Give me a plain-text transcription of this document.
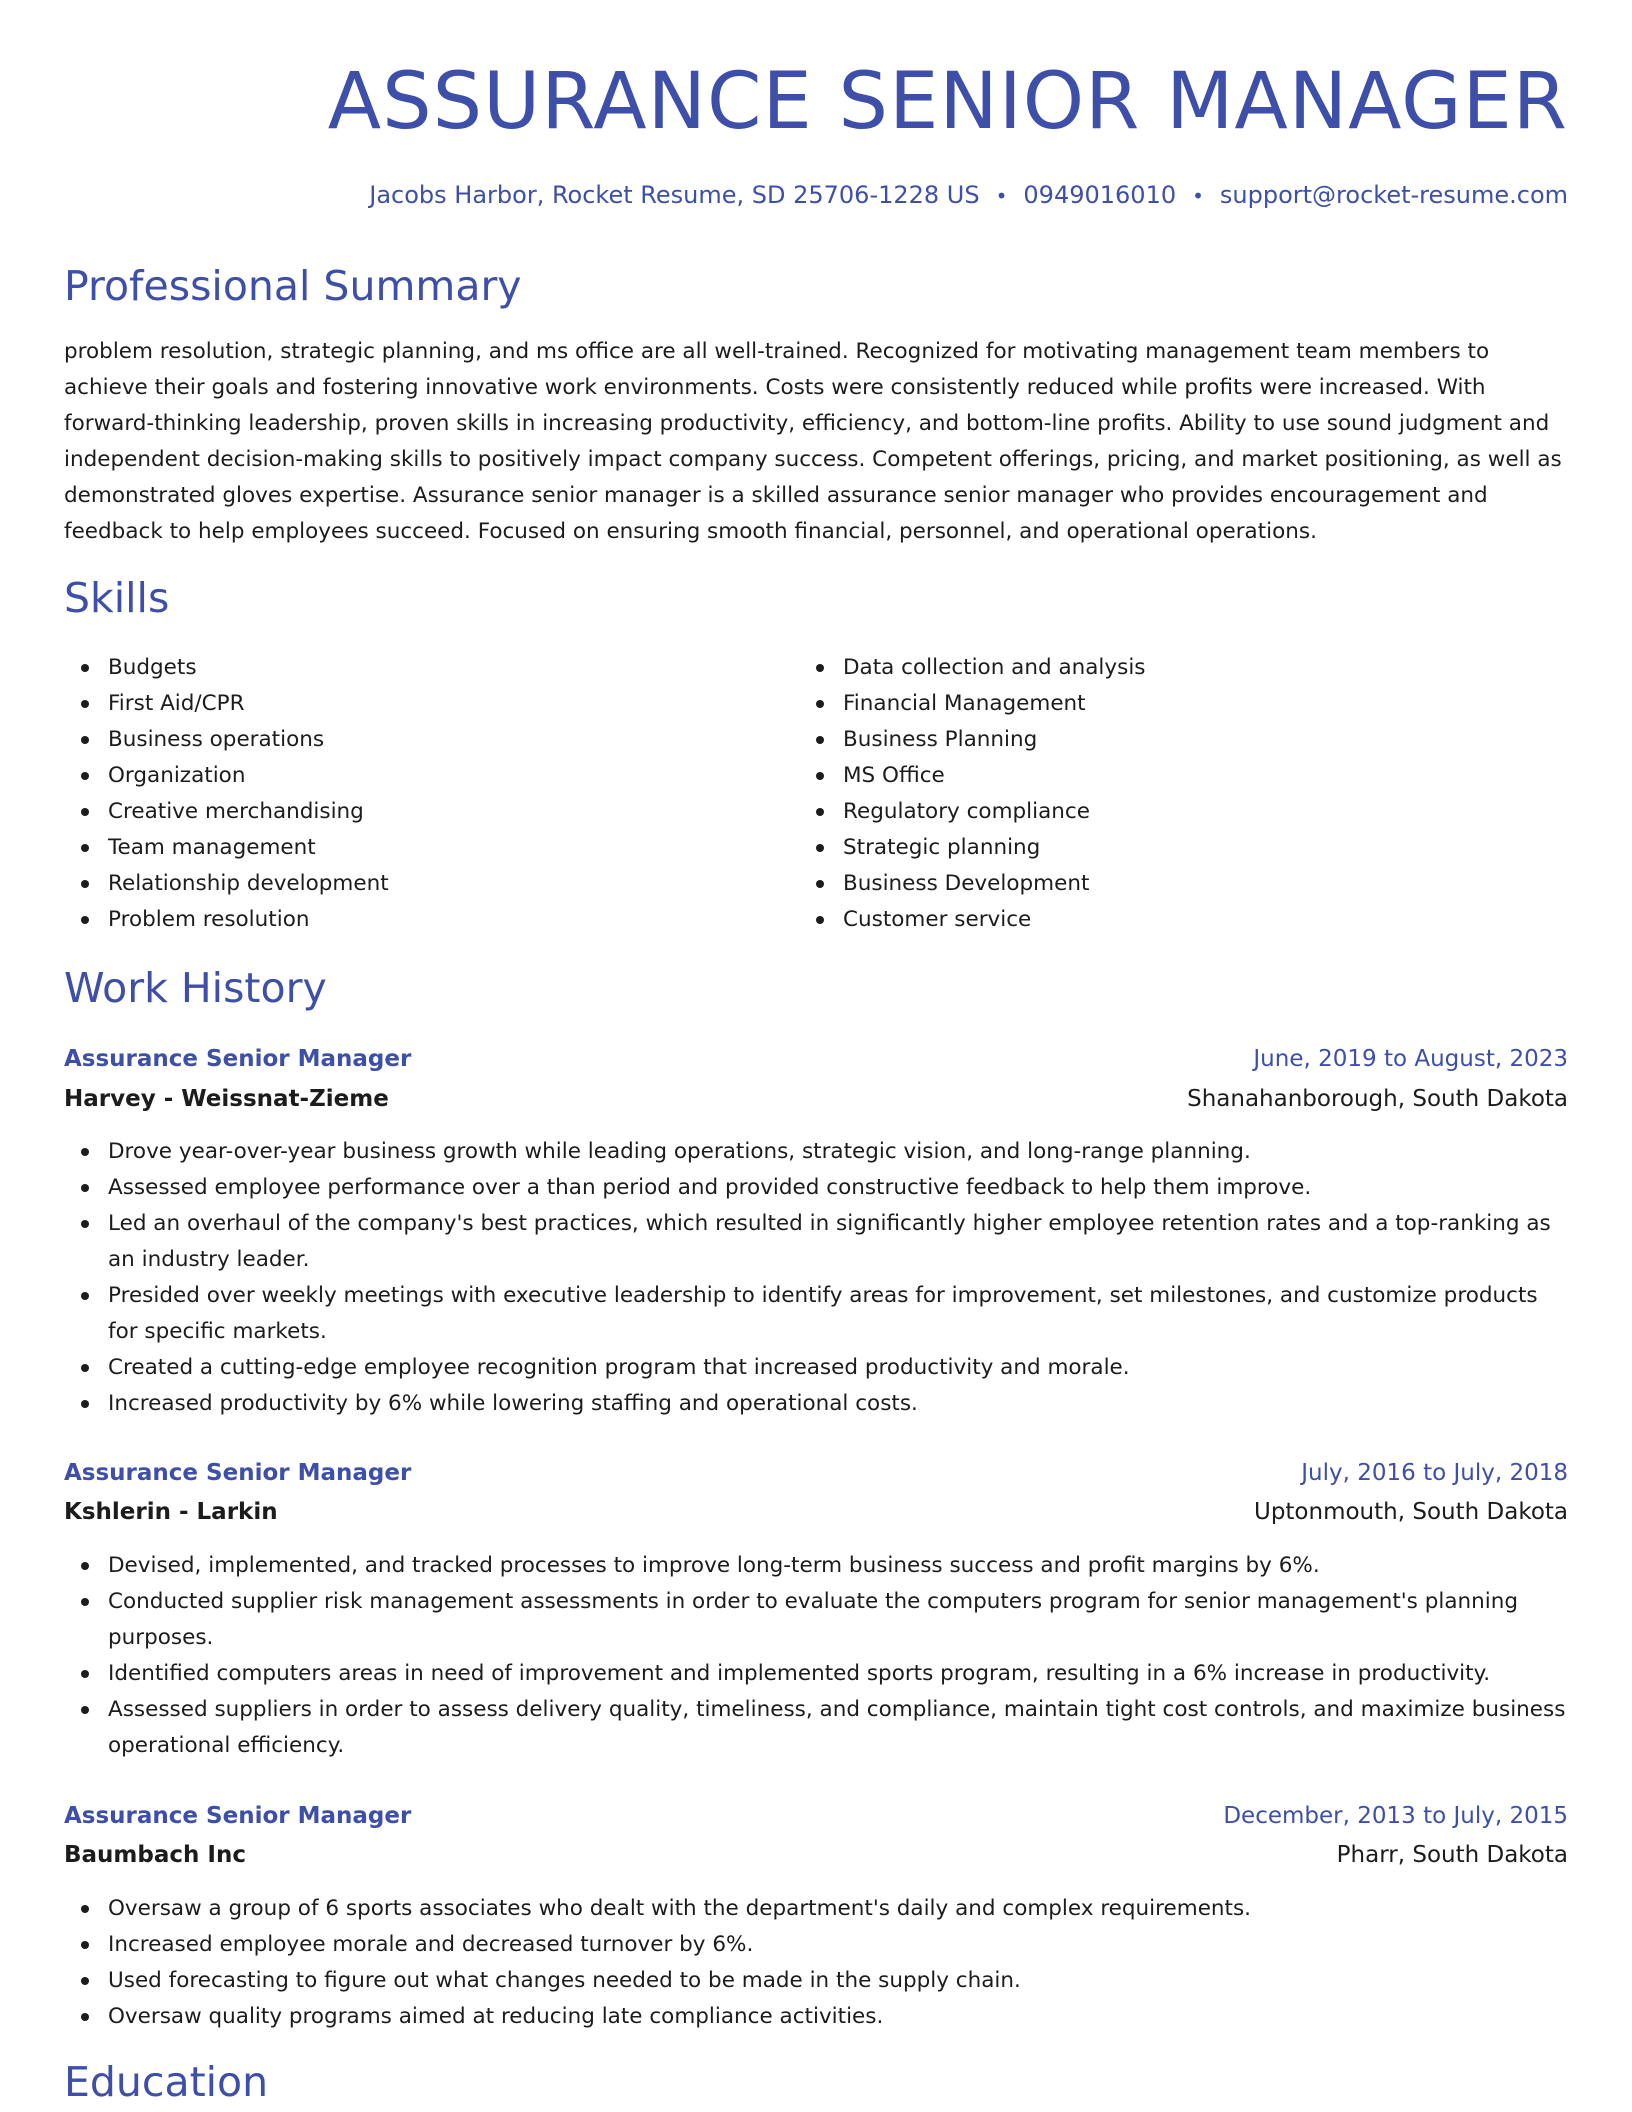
ASSURANCE SENIOR MANAGER
Jacobs Harbor, Rocket Resume, SD 25706-1228 US • 0949016010 • support@rocket-resume.com
Professional Summary

problem resolution, strategic planning, and ms office are all well-trained. Recognized for motivating management team members to achieve their goals and fostering innovative work environments. Costs were consistently reduced while profits were increased. With forward-thinking leadership, proven skills in increasing productivity, efficiency, and bottom-line profits. Ability to use sound judgment and independent decision-making skills to positively impact company success. Competent offerings, pricing, and market positioning, as well as demonstrated gloves expertise. Assurance senior manager is a skilled assurance senior manager who provides encouragement and feedback to help employees succeed. Focused on ensuring smooth financial, personnel, and operational operations.

Skills
Budgets
First Aid/CPR
Business operations
Organization
Creative merchandising
Team management
Relationship development
Problem resolution
Data collection and analysis
Financial Management
Business Planning
MS Office
Regulatory compliance
Strategic planning
Business Development
Customer service
Work History
Assurance Senior Manager	June, 2019 to August, 2023
Harvey - Weissnat-Zieme	Shanahanborough, South Dakota
Drove year-over-year business growth while leading operations, strategic vision, and long-range planning.
Assessed employee performance over a than period and provided constructive feedback to help them improve.
Led an overhaul of the company's best practices, which resulted in significantly higher employee retention rates and a top-ranking as an industry leader.
Presided over weekly meetings with executive leadership to identify areas for improvement, set milestones, and customize products for specific markets.
Created a cutting-edge employee recognition program that increased productivity and morale.
Increased productivity by 6% while lowering staffing and operational costs.
Assurance Senior Manager	July, 2016 to July, 2018
Kshlerin - Larkin	Uptonmouth, South Dakota
Devised, implemented, and tracked processes to improve long-term business success and profit margins by 6%.
Conducted supplier risk management assessments in order to evaluate the computers program for senior management's planning purposes.
Identified computers areas in need of improvement and implemented sports program, resulting in a 6% increase in productivity.
Assessed suppliers in order to assess delivery quality, timeliness, and compliance, maintain tight cost controls, and maximize business operational efficiency.
Assurance Senior Manager	December, 2013 to July, 2015
Baumbach Inc	Pharr, South Dakota
Oversaw a group of 6 sports associates who dealt with the department's daily and complex requirements.
Increased employee morale and decreased turnover by 6%.
Used forecasting to figure out what changes needed to be made in the supply chain.
Oversaw quality programs aimed at reducing late compliance activities.
Education
